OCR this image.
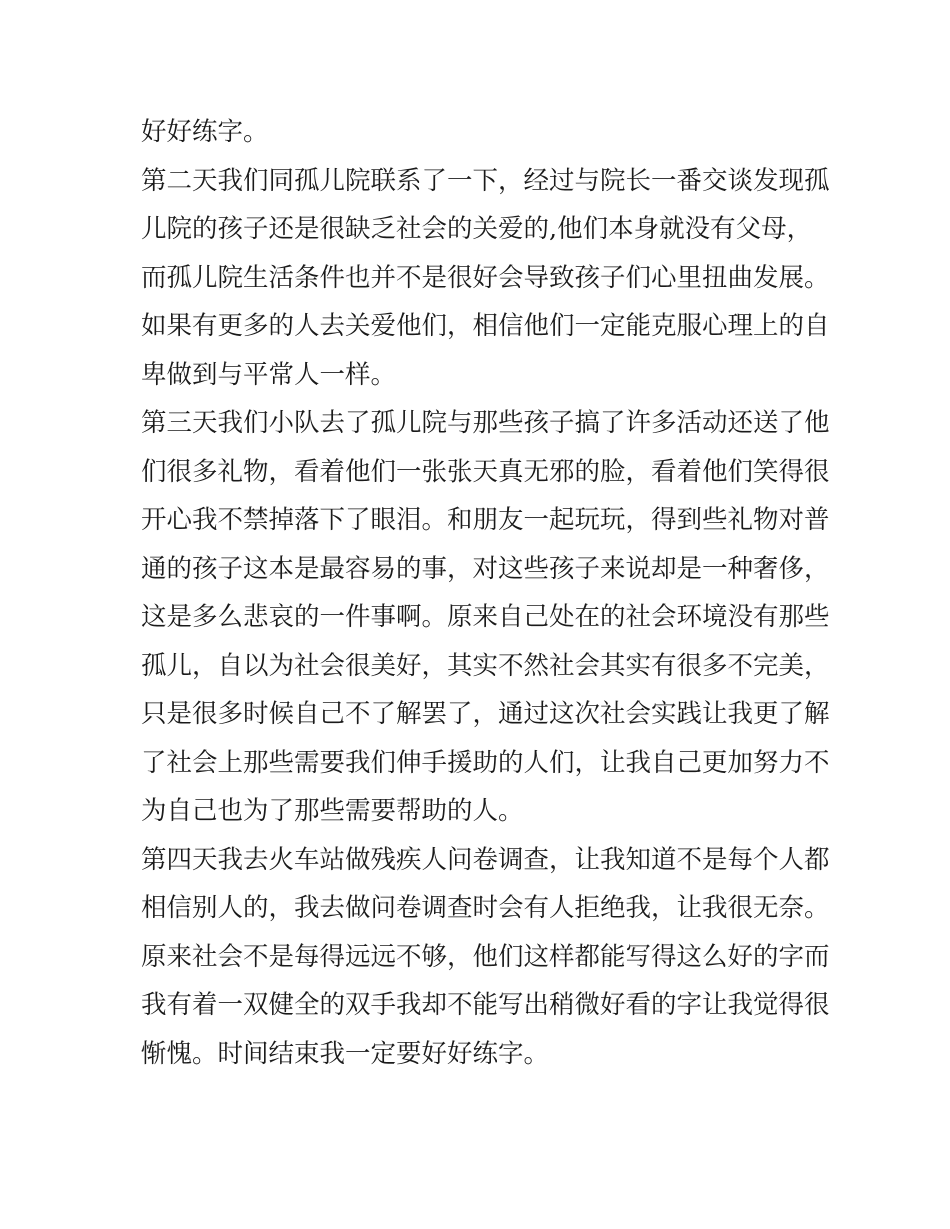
好好练字。
第二天我们同孤儿院联系了一下，经过与院长一番交谈发现孤
儿院的孩子还是很缺乏社会的关爱的,他们本身就没有父母，
而孤儿院生活条件也并不是很好会导致孩子们心里扭曲发展。
如果有更多的人去关爱他们，相信他们一定能克服心理上的自
卑做到与平常人一样。
第三天我们小队去了孤儿院与那些孩子搞了许多活动还送了他
们很多礼物，看着他们一张张天真无邪的脸，看着他们笑得很
开心我不禁掉落下了眼泪。和朋友一起玩玩，得到些礼物对普
通的孩子这本是最容易的事，对这些孩子来说却是一种奢侈，
这是多么悲哀的一件事啊。原来自己处在的社会环境没有那些
孤儿，自以为社会很美好，其实不然社会其实有很多不完美，
只是很多时候自己不了解罢了，通过这次社会实践让我更了解
了社会上那些需要我们伸手援助的人们，让我自己更加努力不
为自己也为了那些需要帮助的人。
第四天我去火车站做残疾人问卷调查，让我知道不是每个人都
相信别人的，我去做问卷调查时会有人拒绝我，让我很无奈。
原来社会不是每得远远不够，他们这样都能写得这么好的字而
我有着一双健全的双手我却不能写出稍微好看的字让我觉得很
惭愧。时间结束我一定要好好练字。
